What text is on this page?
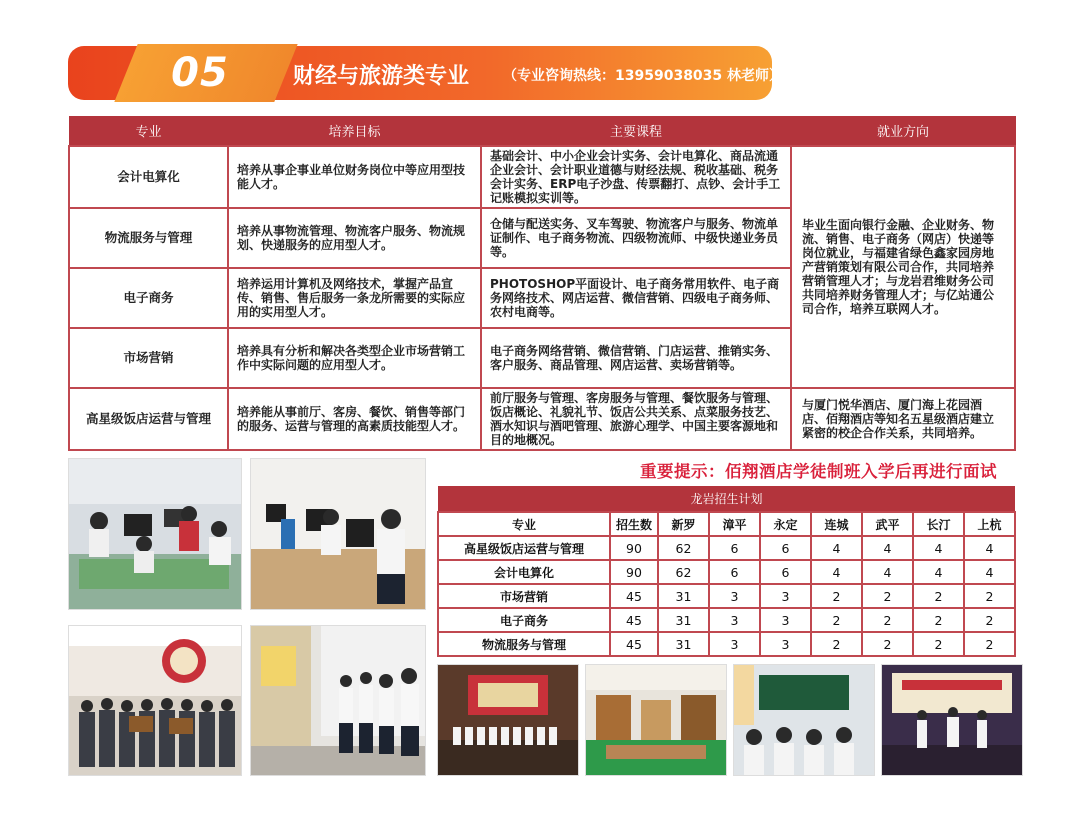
05	财经与旅游类专业 （专业咨询热线：13959038035 林老师）
专业	培养目标	主要课程	就业方向
会计电算化	培养从事企事业单位财务岗位中等应用型技能人才。	基础会计、中小企业会计实务、会计电算化、商品流通企业会计、会计职业道德与财经法规、税收基础、税务会计实务、ERP电子沙盘、传票翻打、点钞、会计手工记账模拟实训等。	毕业生面向银行金融、企业财务、物流、销售、电子商务（网店）快递等岗位就业，与福建省绿色鑫家园房地产营销策划有限公司合作，共同培养营销管理人才；与龙岩君维财务公司共同培养财务管理人才；与亿站通公司合作，培养互联网人才。
物流服务与管理	培养从事物流管理、物流客户服务、物流规划、快递服务的应用型人才。	仓储与配送实务、叉车驾驶、物流客户与服务、物流单证制作、电子商务物流、四级物流师、中级快递业务员等。	
电子商务	培养运用计算机及网络技术，掌握产品宣传、销售、售后服务一条龙所需要的实际应用的实用型人才。	PHOTOSHOP平面设计、电子商务常用软件、电子商务网络技术、网店运营、微信营销、四级电子商务师、农村电商等。	
市场营销	培养具有分析和解决各类型企业市场营销工作中实际问题的应用型人才。	电子商务网络营销、微信营销、门店运营、推销实务、客户服务、商品管理、网店运营、卖场营销等。	
高星级饭店运营与管理	培养能从事前厅、客房、餐饮、销售等部门的服务、运营与管理的高素质技能型人才。	前厅服务与管理、客房服务与管理、餐饮服务与管理、饭店概论、礼貌礼节、饭店公共关系、点菜服务技艺、酒水知识与酒吧管理、旅游心理学、中国主要客源地和目的地概况。	与厦门悦华酒店、厦门海上花园酒店、佰翔酒店等知名五星级酒店建立紧密的校企合作关系，共同培养。
重要提示：佰翔酒店学徒制班入学后再进行面试
龙岩招生计划								
专业	招生数	新罗	漳平	永定	连城	武平	长汀	上杭
高星级饭店运营与管理	90	62	6	6	4	4	4	4
会计电算化	90	62	6	6	4	4	4	4
市场营销	45	31	3	3	2	2	2	2
电子商务	45	31	3	3	2	2	2	2
物流服务与管理	45	31	3	3	2	2	2	2
